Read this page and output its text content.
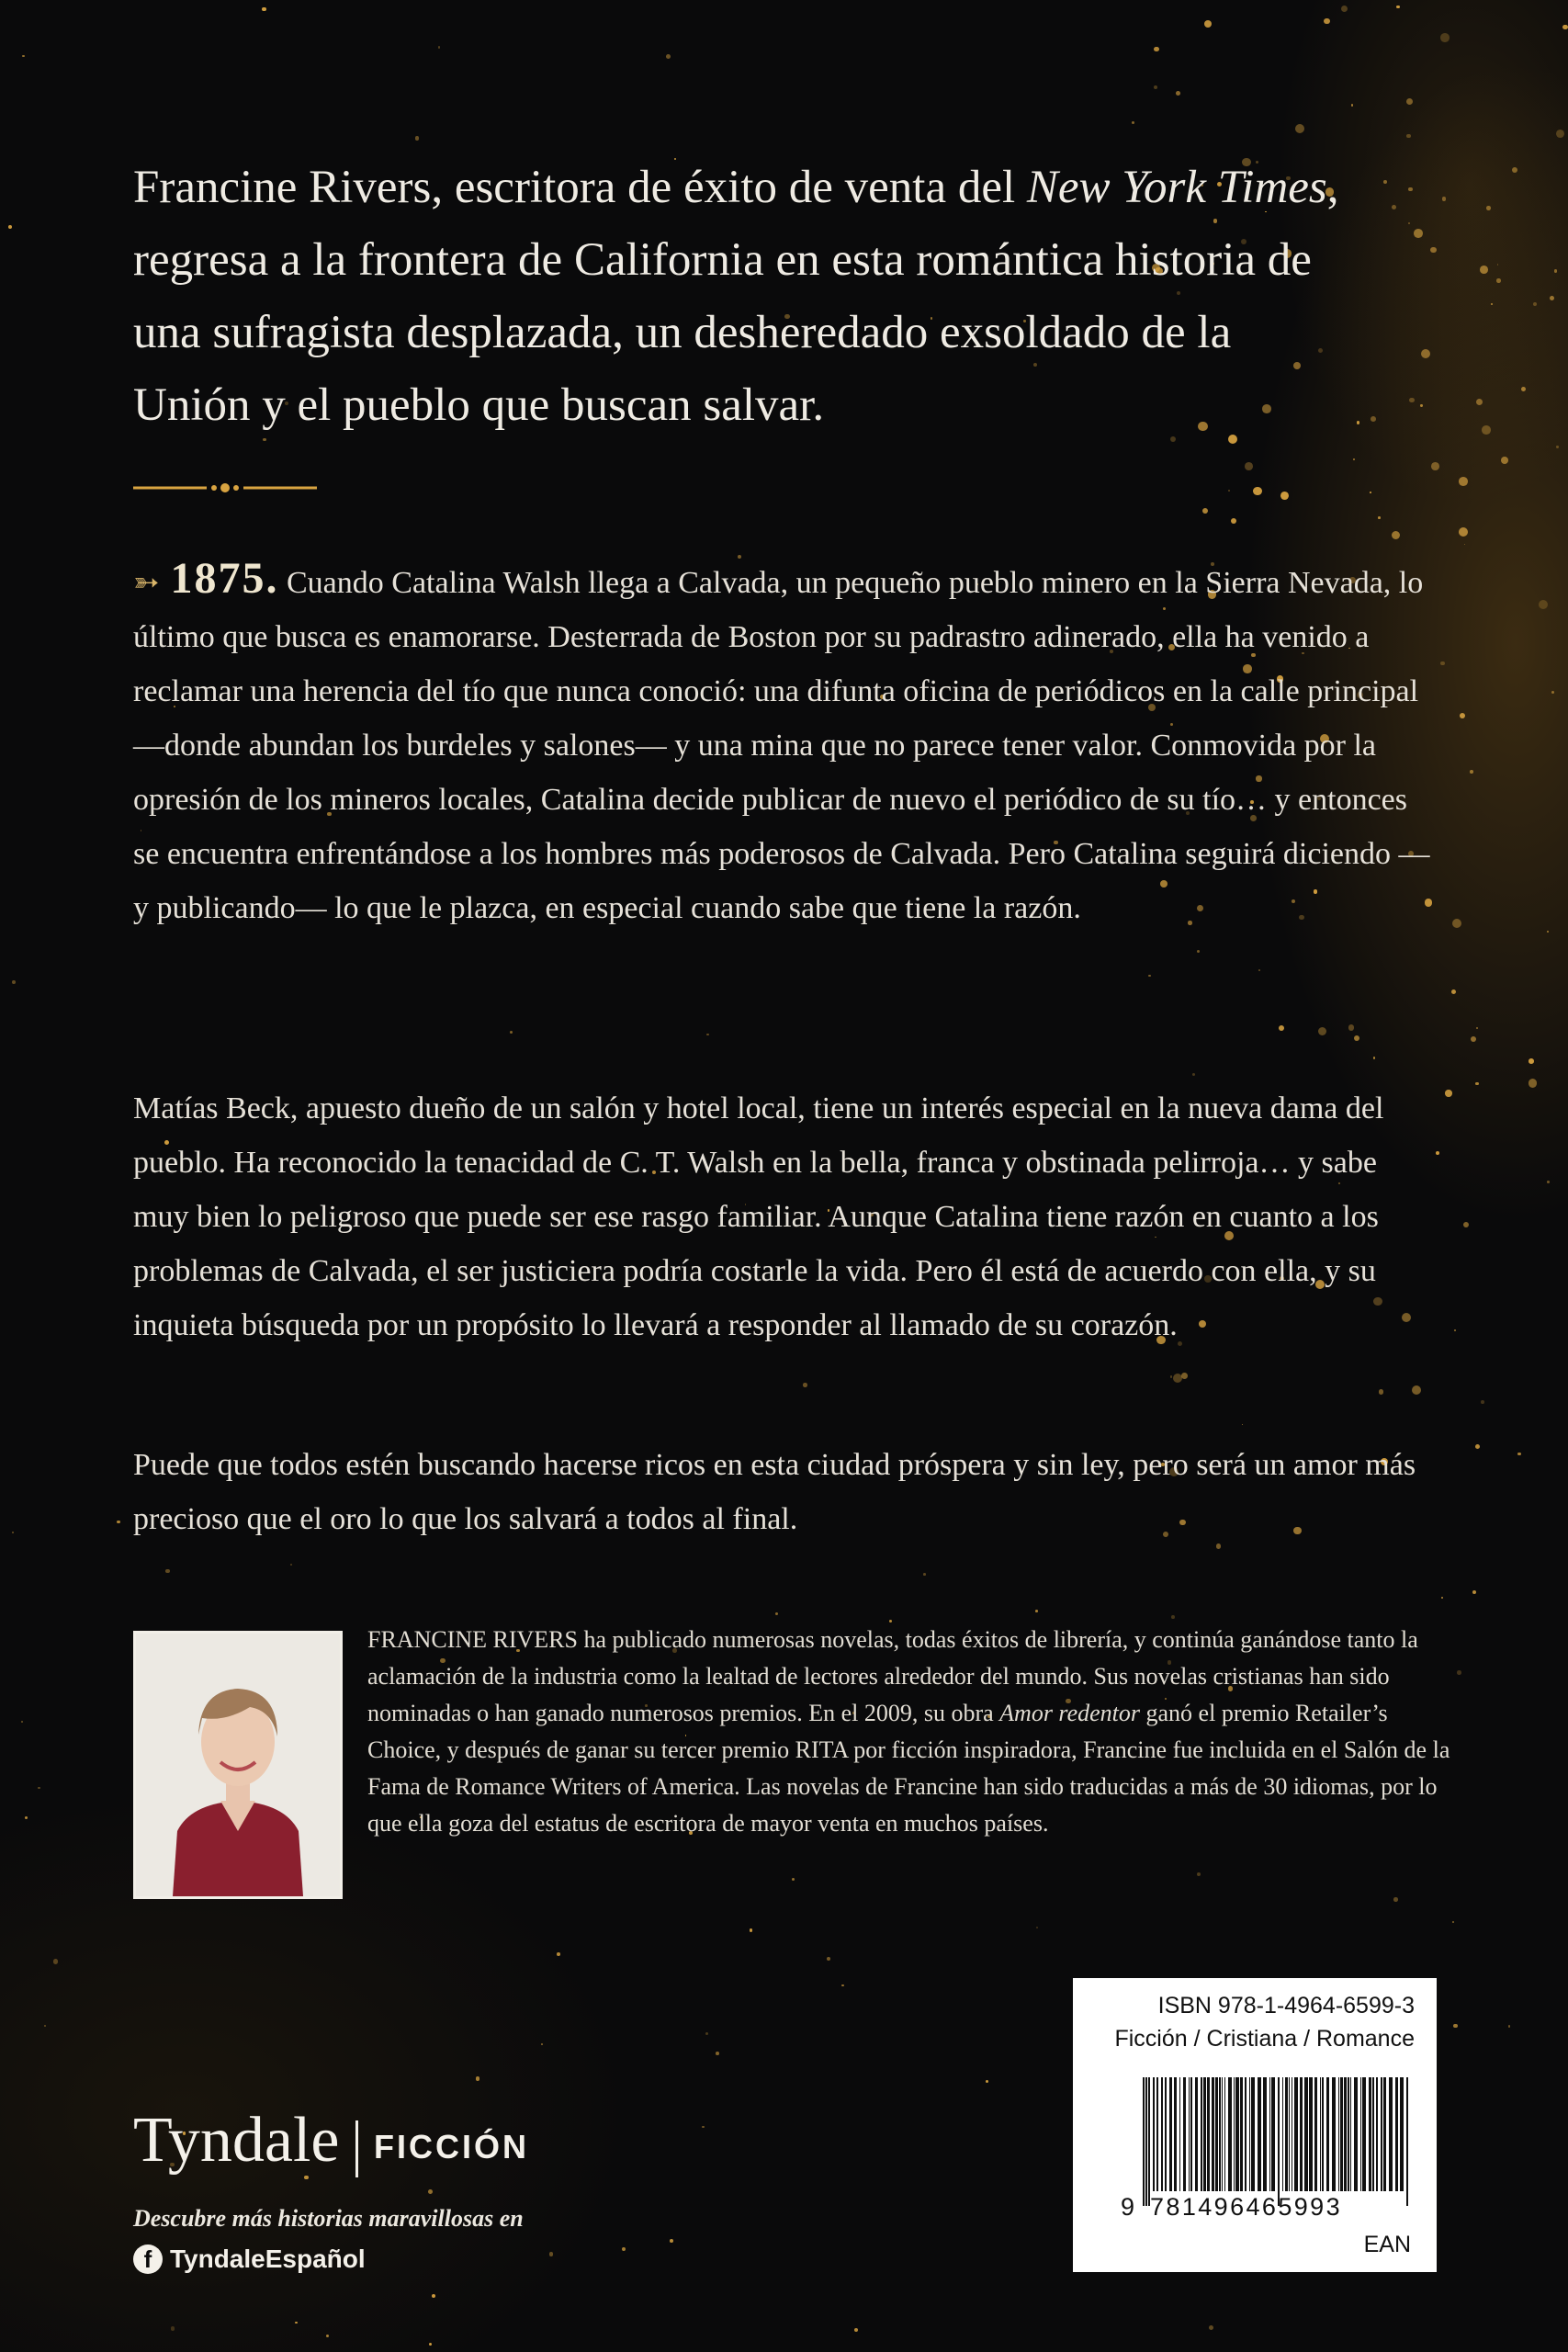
Francine Rivers, escritora de éxito de venta del New York Times, regresa a la frontera de California en esta romántica historia de una sufragista desplazada, un desheredado exsoldado de la Unión y el pueblo que buscan salvar.
➳ 1875. Cuando Catalina Walsh llega a Calvada, un pequeño pueblo minero en la Sierra Nevada, lo último que busca es enamorarse. Desterrada de Boston por su padrastro adinerado, ella ha venido a reclamar una herencia del tío que nunca conoció: una difunta oficina de periódicos en la calle principal —donde abundan los burdeles y salones— y una mina que no parece tener valor. Conmovida por la opresión de los mineros locales, Catalina decide publicar de nuevo el periódico de su tío… y entonces se encuentra enfrentándose a los hombres más poderosos de Calvada. Pero Catalina seguirá diciendo —y publicando— lo que le plazca, en especial cuando sabe que tiene la razón.
Matías Beck, apuesto dueño de un salón y hotel local, tiene un interés especial en la nueva dama del pueblo. Ha reconocido la tenacidad de C. T. Walsh en la bella, franca y obstinada pelirroja… y sabe muy bien lo peligroso que puede ser ese rasgo familiar. Aunque Catalina tiene razón en cuanto a los problemas de Calvada, el ser justiciera podría costarle la vida. Pero él está de acuerdo con ella, y su inquieta búsqueda por un propósito lo llevará a responder al llamado de su corazón.
Puede que todos estén buscando hacerse ricos en esta ciudad próspera y sin ley, pero será un amor más precioso que el oro lo que los salvará a todos al final.
FRANCINE RIVERS ha publicado numerosas novelas, todas éxitos de librería, y continúa ganándose tanto la aclamación de la industria como la lealtad de lectores alrededor del mundo. Sus novelas cristianas han sido nominadas o han ganado numerosos premios. En el 2009, su obra Amor redentor ganó el premio Retailer’s Choice, y después de ganar su tercer premio RITA por ficción inspiradora, Francine fue incluida en el Salón de la Fama de Romance Writers of America. Las novelas de Francine han sido traducidas a más de 30 idiomas, por lo que ella goza del estatus de escritora de mayor venta en muchos países.
Tyndale FICCIÓN
Descubre más historias maravillosas en
f TyndaleEspañol
ISBN 978-1-4964-6599-3
Ficción / Cristiana / Romance
9 781496465993
EAN
